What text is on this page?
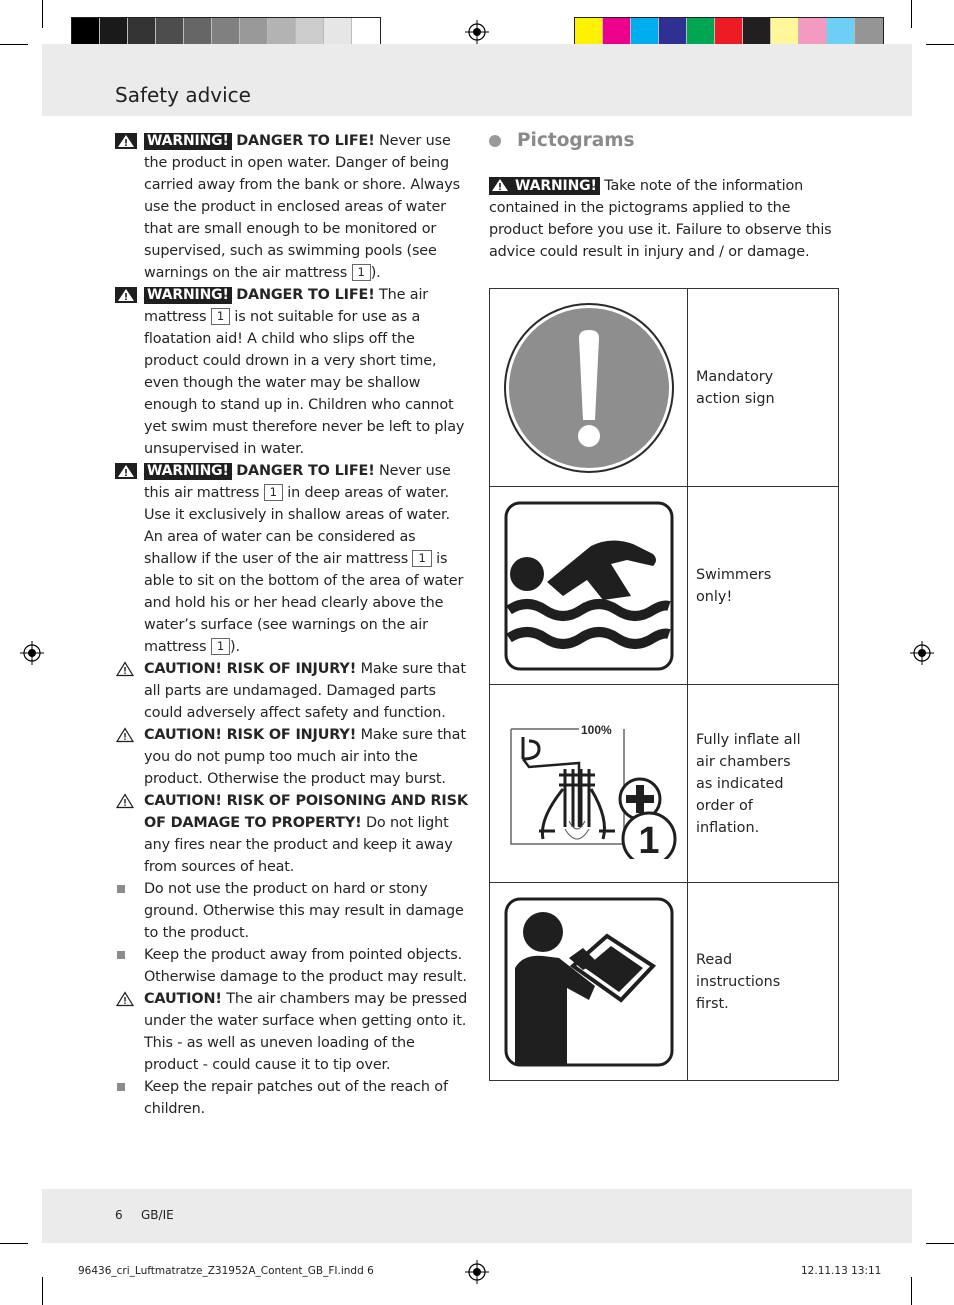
Safety advice
WARNING! DANGER TO LIFE! Never use the product in open water. Danger of being carried away from the bank or shore. Always use the product in enclosed areas of water that are small enough to be monitored or supervised, such as swimming pools (see warnings on the air mattress 1 ).
WARNING! DANGER TO LIFE! The air mattress 1 is not suitable for use as a floatation aid! A child who slips off the product could drown in a very short time, even though the water may be shallow enough to stand up in. Children who cannot yet swim must therefore never be left to play unsupervised in water.
WARNING! DANGER TO LIFE! Never use this air mattress 1 in deep areas of water. Use it exclusively in shallow areas of water. An area of water can be considered as shallow if the user of the air mattress 1 is able to sit on the bottom of the area of water and hold his or her head clearly above the water’s surface (see warnings on the air mattress 1 ).
CAUTION! RISK OF INJURY! Make sure that all parts are undamaged. Damaged parts could adversely affect safety and function.
CAUTION! RISK OF INJURY! Make sure that you do not pump too much air into the product. Otherwise the product may burst.
CAUTION! RISK OF POISONING AND RISK OF DAMAGE TO PROPERTY! Do not light any fires near the product and keep it away from sources of heat.
Do not use the product on hard or stony ground. Otherwise this may result in damage to the product.
Keep the product away from pointed objects. Otherwise damage to the product may result.
CAUTION! The air chambers may be pressed under the water surface when getting onto it. This - as well as uneven loading of the product - could cause it to tip over.
Keep the repair patches out of the reach of children.
Pictograms
WARNING! Take note of the information contained in the pictograms applied to the product before you use it. Failure to observe this advice could result in injury and / or damage.
	Mandatory action sign

	Swimmers only!

100%
1	Fully inflate all air chambers as indicated order of inflation.

	Read instructions first.
6 GB/IE
96436_cri_Luftmatratze_Z31952A_Content_GB_FI.indd 6	12.11.13 13:11
